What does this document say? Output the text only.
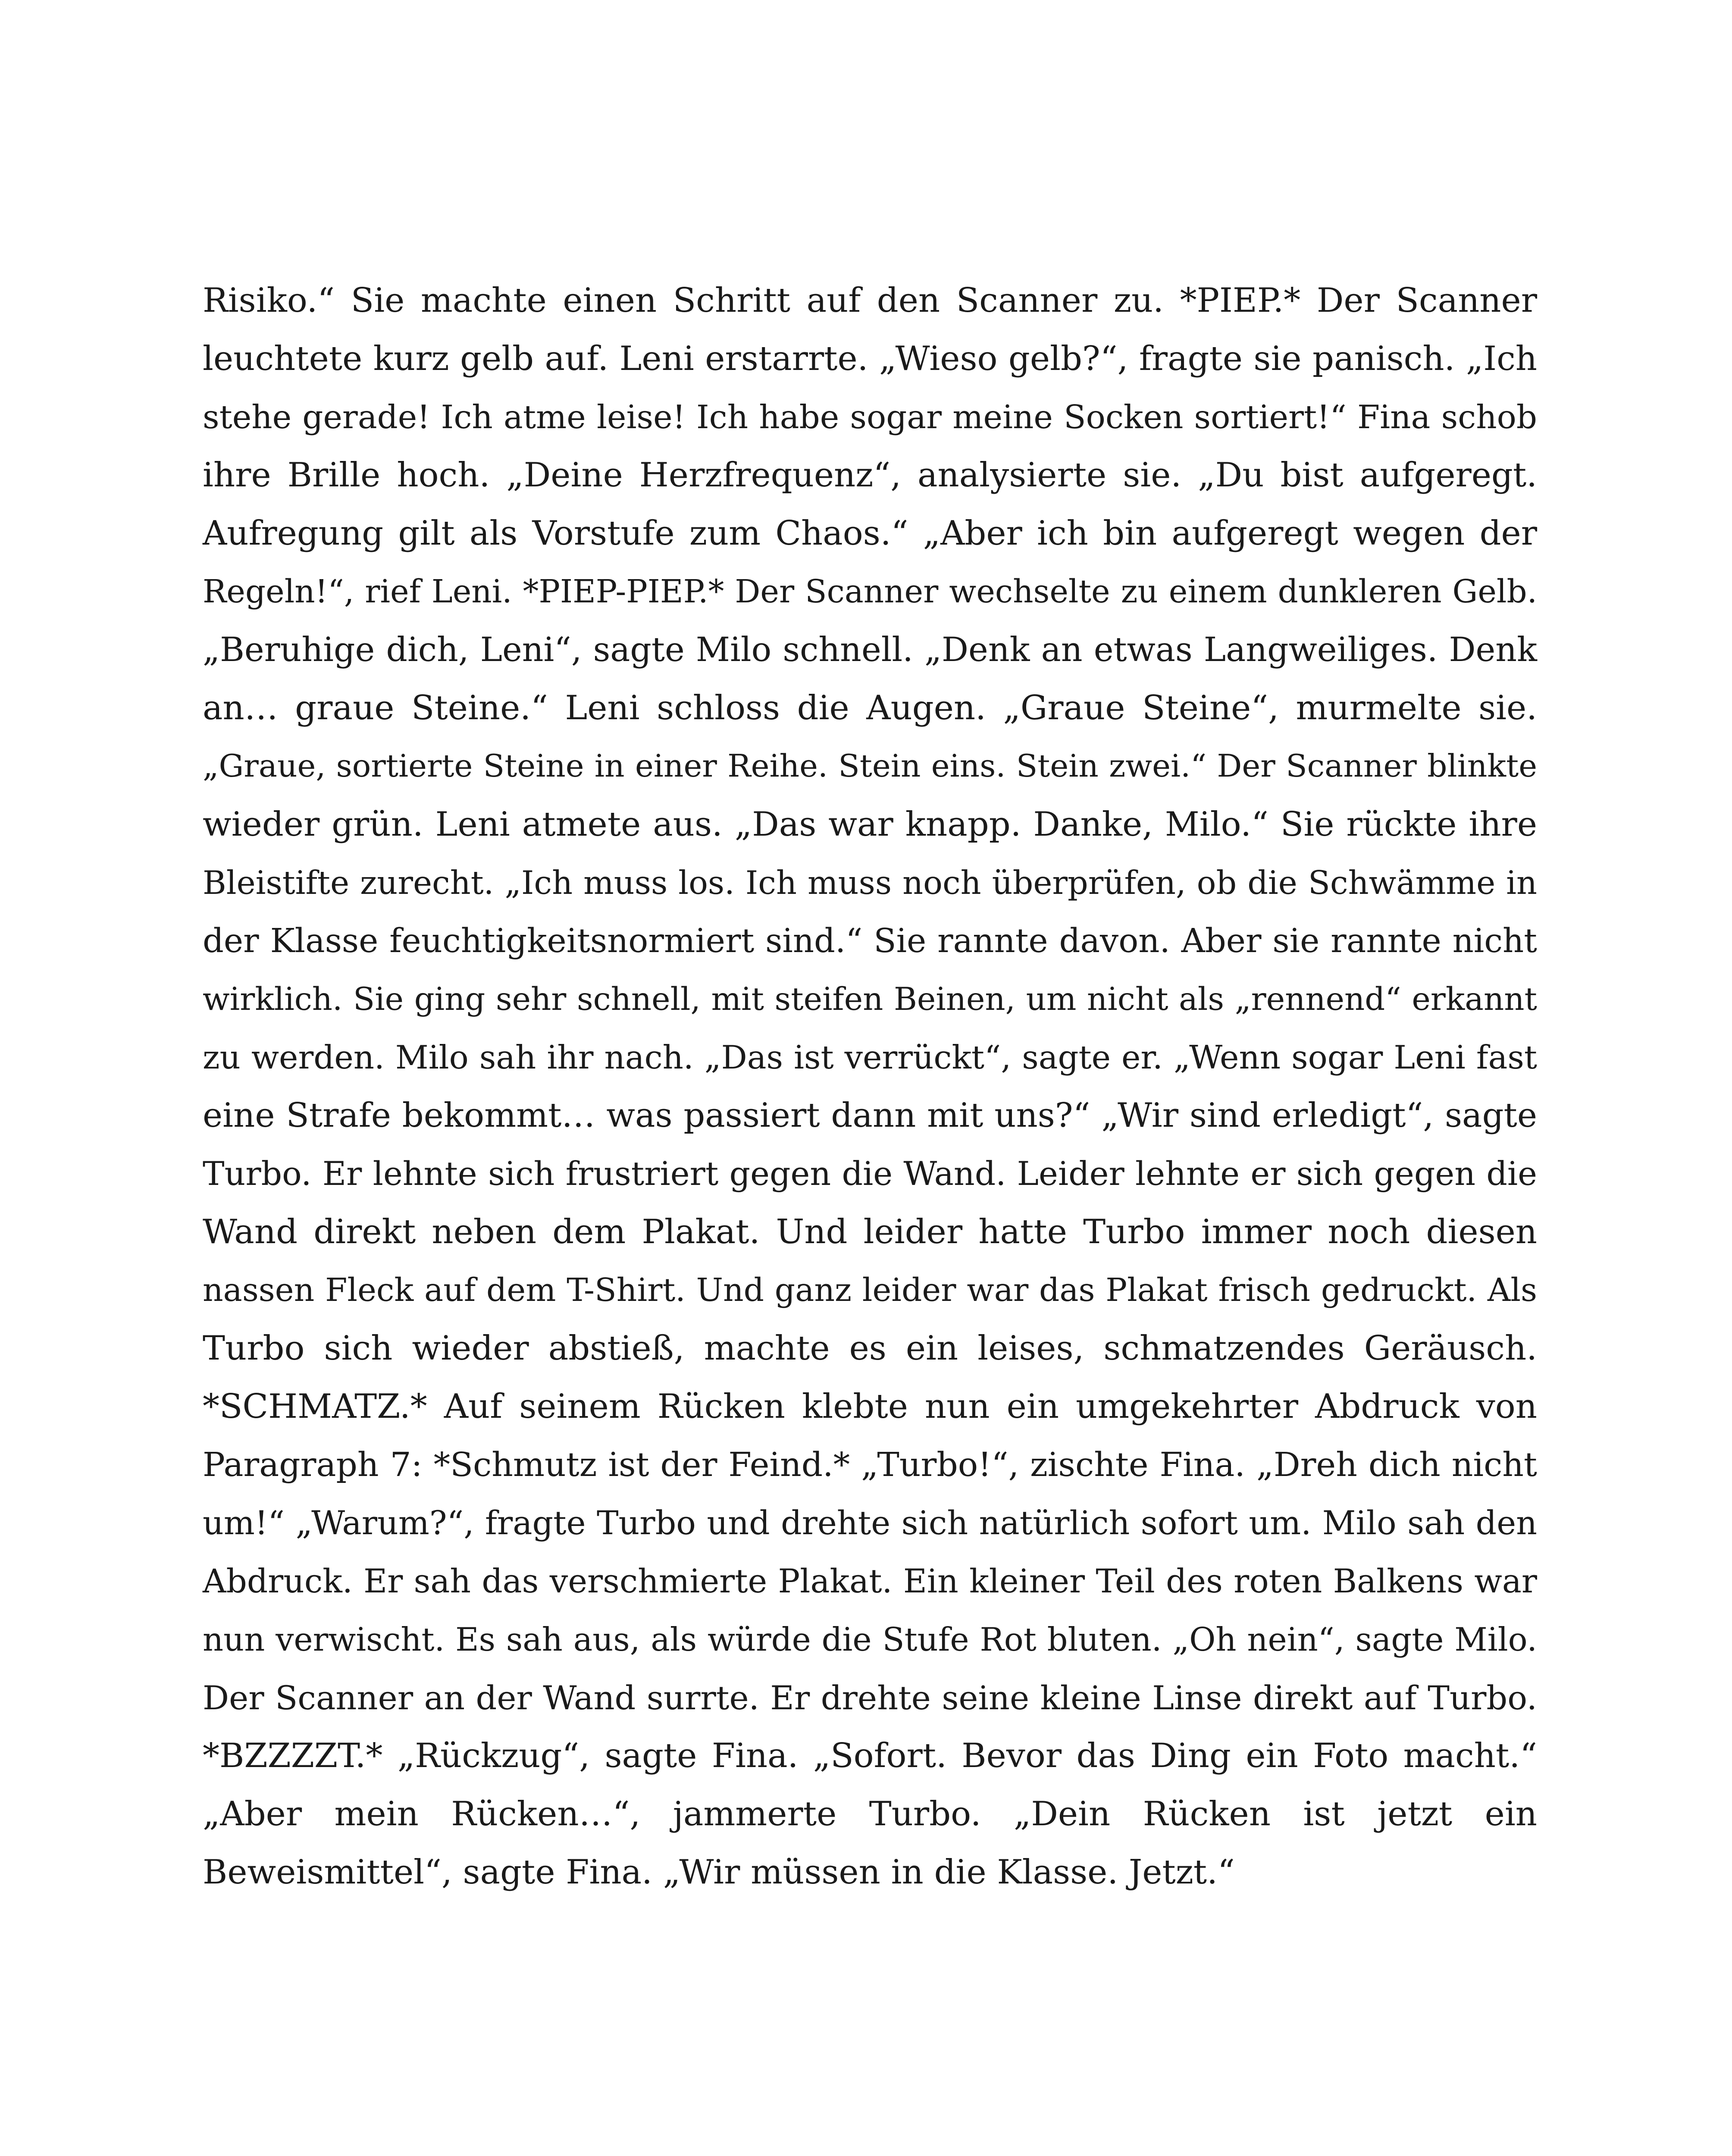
Risiko.“ Sie machte einen Schritt auf den Scanner zu. *PIEP.* Der Scanner
leuchtete kurz gelb auf. Leni erstarrte. „Wieso gelb?“, fragte sie panisch. „Ich
stehe gerade! Ich atme leise! Ich habe sogar meine Socken sortiert!“ Fina schob
ihre Brille hoch. „Deine Herzfrequenz“, analysierte sie. „Du bist aufgeregt.
Aufregung gilt als Vorstufe zum Chaos.“ „Aber ich bin aufgeregt wegen der
Regeln!“, rief Leni. *PIEP-PIEP.* Der Scanner wechselte zu einem dunkleren Gelb.
„Beruhige dich, Leni“, sagte Milo schnell. „Denk an etwas Langweiliges. Denk
an… graue Steine.“ Leni schloss die Augen. „Graue Steine“, murmelte sie.
„Graue, sortierte Steine in einer Reihe. Stein eins. Stein zwei.“ Der Scanner blinkte
wieder grün. Leni atmete aus. „Das war knapp. Danke, Milo.“ Sie rückte ihre
Bleistifte zurecht. „Ich muss los. Ich muss noch überprüfen, ob die Schwämme in
der Klasse feuchtigkeitsnormiert sind.“ Sie rannte davon. Aber sie rannte nicht
wirklich. Sie ging sehr schnell, mit steifen Beinen, um nicht als „rennend“ erkannt
zu werden. Milo sah ihr nach. „Das ist verrückt“, sagte er. „Wenn sogar Leni fast
eine Strafe bekommt… was passiert dann mit uns?“ „Wir sind erledigt“, sagte
Turbo. Er lehnte sich frustriert gegen die Wand. Leider lehnte er sich gegen die
Wand direkt neben dem Plakat. Und leider hatte Turbo immer noch diesen
nassen Fleck auf dem T-Shirt. Und ganz leider war das Plakat frisch gedruckt. Als
Turbo sich wieder abstieß, machte es ein leises, schmatzendes Geräusch.
*SCHMATZ.* Auf seinem Rücken klebte nun ein umgekehrter Abdruck von
Paragraph 7: *Schmutz ist der Feind.* „Turbo!“, zischte Fina. „Dreh dich nicht
um!“ „Warum?“, fragte Turbo und drehte sich natürlich sofort um. Milo sah den
Abdruck. Er sah das verschmierte Plakat. Ein kleiner Teil des roten Balkens war
nun verwischt. Es sah aus, als würde die Stufe Rot bluten. „Oh nein“, sagte Milo.
Der Scanner an der Wand surrte. Er drehte seine kleine Linse direkt auf Turbo.
*BZZZZT.* „Rückzug“, sagte Fina. „Sofort. Bevor das Ding ein Foto macht.“
„Aber mein Rücken…“, jammerte Turbo. „Dein Rücken ist jetzt ein
Beweismittel“, sagte Fina. „Wir müssen in die Klasse. Jetzt.“
